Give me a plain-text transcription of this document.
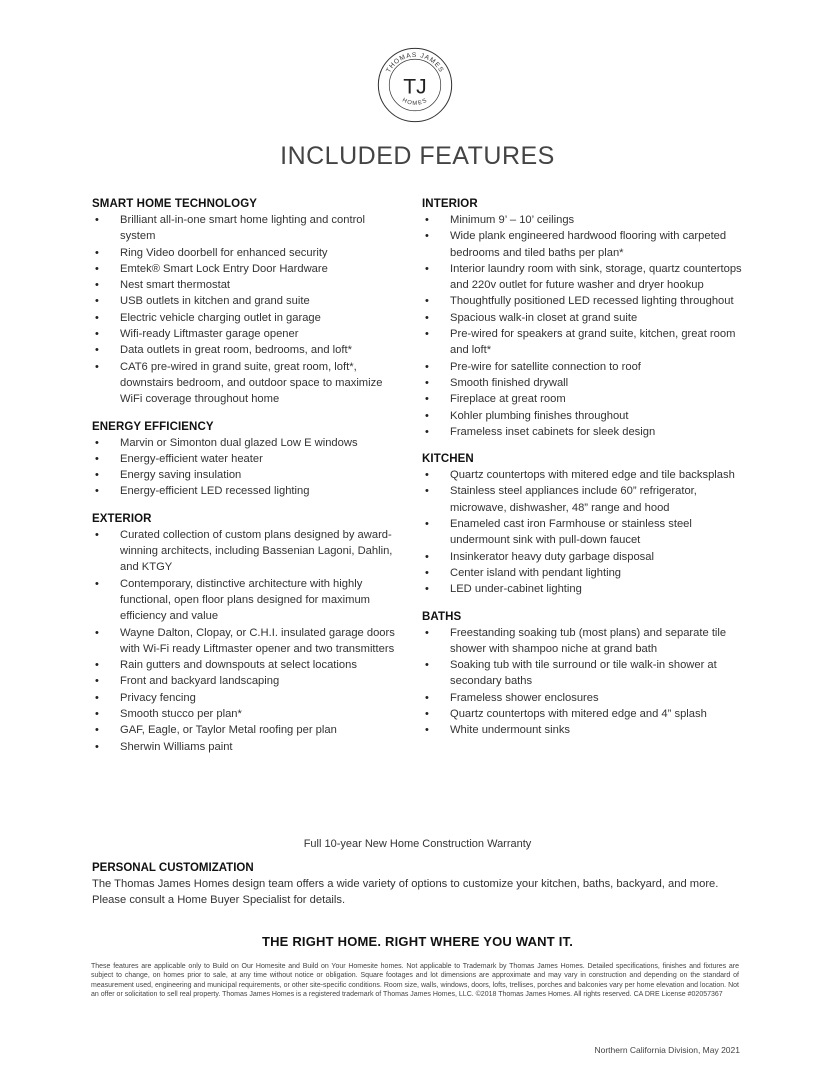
THOMAS JAMES
TJ
HOMES
INCLUDED FEATURES
SMART HOME TECHNOLOGY
• Brilliant all-in-one smart home lighting and control system
• Ring Video doorbell for enhanced security
• Emtek® Smart Lock Entry Door Hardware
• Nest smart thermostat
• USB outlets in kitchen and grand suite
• Electric vehicle charging outlet in garage
• Wifi-ready Liftmaster garage opener
• Data outlets in great room, bedrooms, and loft*
• CAT6 pre-wired in grand suite, great room, loft*, downstairs bedroom, and outdoor space to maximize WiFi coverage throughout home
ENERGY EFFICIENCY
• Marvin or Simonton dual glazed Low E windows
• Energy-efficient water heater
• Energy saving insulation
• Energy-efficient LED recessed lighting
EXTERIOR
• Curated collection of custom plans designed by award-winning architects, including Bassenian Lagoni, Dahlin, and KTGY
• Contemporary, distinctive architecture with highly functional, open floor plans designed for maximum efficiency and value
• Wayne Dalton, Clopay, or C.H.I. insulated garage doors with Wi-Fi ready Liftmaster opener and two transmitters
• Rain gutters and downspouts at select locations
• Front and backyard landscaping
• Privacy fencing
• Smooth stucco per plan*
• GAF, Eagle, or Taylor Metal roofing per plan
• Sherwin Williams paint
INTERIOR
• Minimum 9’ – 10’ ceilings
• Wide plank engineered hardwood flooring with carpeted bedrooms and tiled baths per plan*
• Interior laundry room with sink, storage, quartz countertops and 220v outlet for future washer and dryer hookup
• Thoughtfully positioned LED recessed lighting throughout
• Spacious walk-in closet at grand suite
• Pre-wired for speakers at grand suite, kitchen, great room and loft*
• Pre-wire for satellite connection to roof
• Smooth finished drywall
• Fireplace at great room
• Kohler plumbing finishes throughout
• Frameless inset cabinets for sleek design
KITCHEN
• Quartz countertops with mitered edge and tile backsplash
• Stainless steel appliances include 60” refrigerator, microwave, dishwasher, 48” range and hood
• Enameled cast iron Farmhouse or stainless steel undermount sink with pull-down faucet
• Insinkerator heavy duty garbage disposal
• Center island with pendant lighting
• LED under-cabinet lighting
BATHS
• Freestanding soaking tub (most plans) and separate tile shower with shampoo niche at grand bath
• Soaking tub with tile surround or tile walk-in shower at secondary baths
• Frameless shower enclosures
• Quartz countertops with mitered edge and 4” splash
• White undermount sinks
Full 10-year New Home Construction Warranty
PERSONAL CUSTOMIZATION
The Thomas James Homes design team offers a wide variety of options to customize your kitchen, baths, backyard, and more. Please consult a Home Buyer Specialist for details.
THE RIGHT HOME. RIGHT WHERE YOU WANT IT.
These features are applicable only to Build on Our Homesite and Build on Your Homesite homes. Not applicable to Trademark by Thomas James Homes. Detailed specifications, finishes and fixtures are subject to change, on homes prior to sale, at any time without notice or obligation. Square footages and lot dimensions are approximate and may vary in construction and depending on the standard of measurement used, engineering and municipal requirements, or other site-specific conditions. Room size, walls, windows, doors, lofts, trellises, porches and balconies vary per home elevation and location. Not an offer or solicitation to sell real property. Thomas James Homes is a registered trademark of Thomas James Homes, LLC. ©2018 Thomas James Homes. All rights reserved. CA DRE License #02057367
Northern California Division, May 2021
